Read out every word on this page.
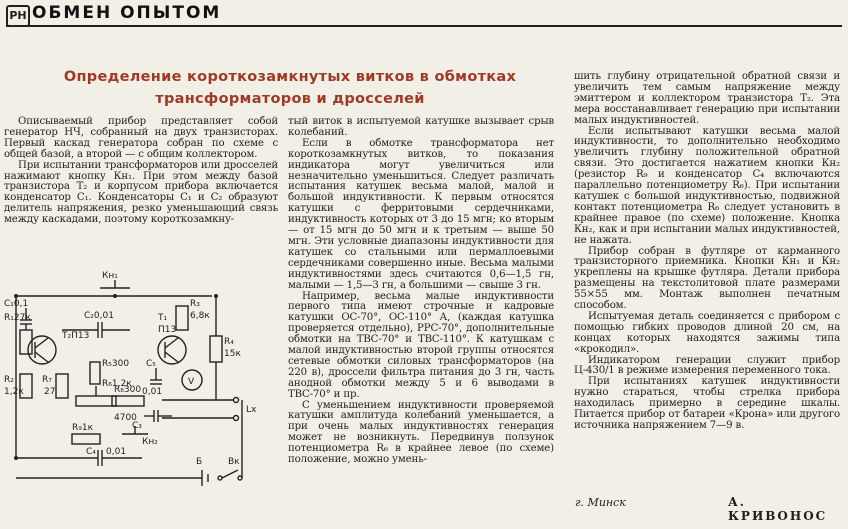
РН ОБМЕН ОПЫТОМ
Определение короткозамкнутых витков в обмотках
трансформаторов и дросселей

Описываемый прибор представляет собой генератор НЧ, собранный на двух транзисторах. Первый каскад генератора собран по схеме с общей базой, а второй — с общим коллектором.

При испытании трансформаторов или дросселей нажимают кнопку Кн₁. При этом между базой транзистора T₂ и корпусом прибора включается конденсатор C₁. Конденсаторы C₁ и C₂ образуют делитель напряжения, резко уменьшающий связь между каскадами, поэтому короткозамкну-

тый виток в испытуемой катушке вызывает срыв колебаний.

Если в обмотке трансформатора нет короткозамкнутых витков, то показания индикатора могут увеличиться или незначительно уменьшиться. Следует различать испытания катушек весьма малой, малой и большой индуктивности. К первым относятся катушки с ферритовыми сердечниками, индуктивность которых от 3 до 15 мгн; ко вторым — от 15 мгн до 50 мгн и к третьим — выше 50 мгн. Эти условные диапазоны индуктивности для катушек со стальными или пермаллоевыми сердечниками совершенно иные. Весьма малыми индуктивностями здесь считаются 0,6—1,5 гн, малыми — 1,5—3 гн, а большими — свыше 3 гн.

Например, весьма малые индуктивности первого типа имеют строчные и кадровые катушки ОС-70°, ОС-110° А, (каждая катушка проверяется отдельно), РРС-70°, дополнительные обмотки на ТВС-70° и ТВС-110°. К катушкам с малой индуктивностью второй группы относятся сетевые обмотки силовых трансформаторов (на 220 в), дроссели фильтра питания до 3 гн, часть анодной обмотки между 5 и 6 выводами в ТВС-70° и пр.

С уменьшением индуктивности проверяемой катушки амплитуда колебаний уменьшается, а при очень малых индуктивностях генерация может не возникнуть. Передвинув ползунок потенциометра R₆ в крайнее левое (по схеме) положение, можно умень-

шить глубину отрицательной обратной связи и увеличить тем самым напряжение между эмиттером и коллектором транзистора T₂. Эта мера восстанавливает генерацию при испытании малых индуктивностей.

Если испытывают катушки весьма малой индуктивности, то дополнительно необходимо увеличить глубину положительной обратной связи. Это достигается нажатием кнопки Кн₂ (резистор R₉ и конденсатор C₄ включаются параллельно потенциометру R₆). При испытании катушек с большой индуктивностью, подвижной контакт потенциометра R₆ следует установить в крайнее правое (по схеме) положение. Кнопка Кн₂, как и при испытании малых индуктивностей, не нажата.

Прибор собран в футляре от карманного транзисторного приемника. Кнопки Кн₁ и Кн₂ укреплены на крышке футляра. Детали прибора размещены на текстолитовой плате размерами 55×55 мм. Монтаж выполнен печатным способом.

Испытуемая деталь соединяется с прибором с помощью гибких проводов длиной 20 см, на концах которых находятся зажимы типа «крокодил».

Индикатором генерации служит прибор Ц-430/1 в режиме измерения переменного тока.

При испытаниях катушек индуктивности нужно стараться, чтобы стрелка прибора находилась примерно в середине шкалы. Питается прибор от батареи «Крона» или другого источника напряжением 7—9 в.

г. Минск	А. КРИВОНОС
Кн₁
C₁0,1
R₁27к	C₂0,01
T₂П13
T₁
П13
R₃
6,8к
R₄
15к
V
C₅
0,01
R₅300
R₆1,2к
R₂
1,2к
R₇
27	R₈300
C₃
4700
Lx
R₉1к
Кн₂
C₄ 0,01
Б	Вк
